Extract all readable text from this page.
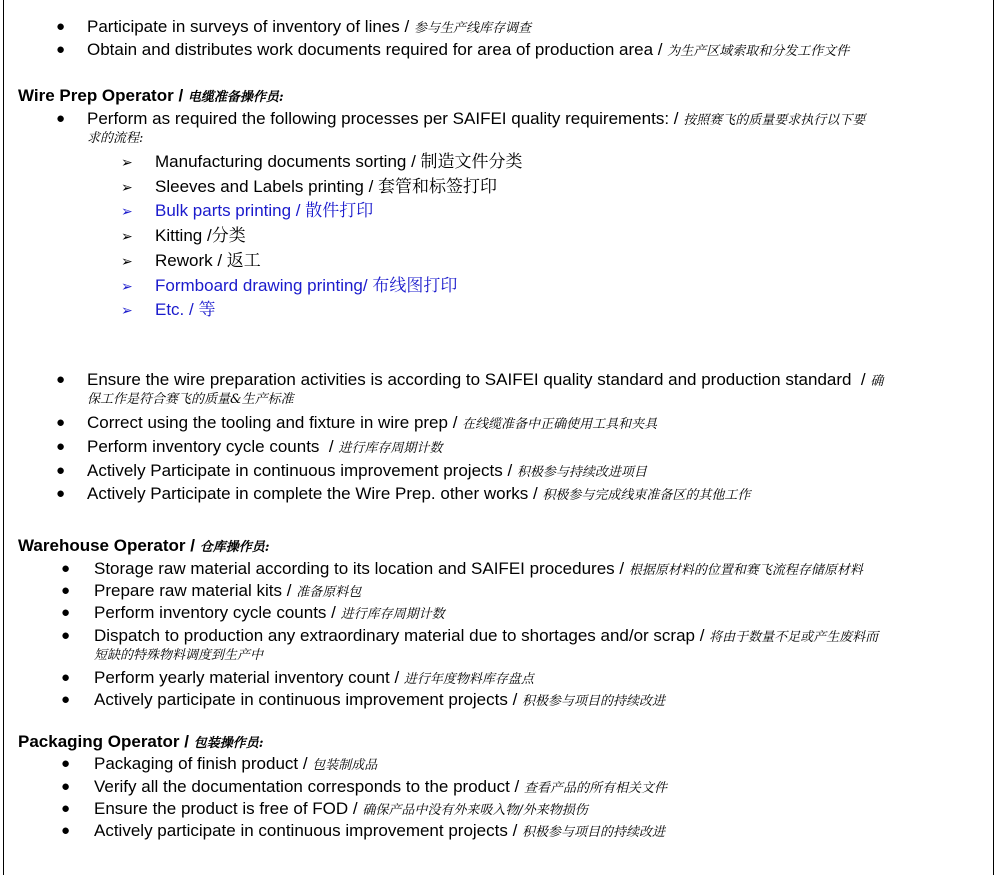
● Participate in surveys of inventory of lines / 参与生产线库存调查
● Obtain and distributes work documents required for area of production area / 为生产区域索取和分发工作文件
Wire Prep Operator / 电缆准备操作员:
● Perform as required the following processes per SAIFEI quality requirements: / 按照赛飞的质量要求执行以下要
求的流程:
➢ Manufacturing documents sorting / 制造文件分类
➢ Sleeves and Labels printing / 套管和标签打印
➢ Bulk parts printing / 散件打印
➢ Kitting /分类
➢ Rework / 返工
➢ Formboard drawing printing/ 布线图打印
➢ Etc. / 等
● Ensure the wire preparation activities is according to SAIFEI quality standard and production standard  / 确
保工作是符合赛飞的质量&生产标准
● Correct using the tooling and fixture in wire prep / 在线缆准备中正确使用工具和夹具
● Perform inventory cycle counts  / 进行库存周期计数
● Actively Participate in continuous improvement projects / 积极参与持续改进项目
● Actively Participate in complete the Wire Prep. other works / 积极参与完成线束准备区的其他工作
Warehouse Operator / 仓库操作员:
● Storage raw material according to its location and SAIFEI procedures / 根据原材料的位置和赛飞流程存储原材料
● Prepare raw material kits / 准备原料包
● Perform inventory cycle counts / 进行库存周期计数
● Dispatch to production any extraordinary material due to shortages and/or scrap / 将由于数量不足或产生废料而
短缺的特殊物料调度到生产中
● Perform yearly material inventory count / 进行年度物料库存盘点
● Actively participate in continuous improvement projects / 积极参与项目的持续改进
Packaging Operator / 包装操作员:
● Packaging of finish product / 包装制成品
● Verify all the documentation corresponds to the product / 查看产品的所有相关文件
● Ensure the product is free of FOD / 确保产品中没有外来吸入物/外来物损伤
● Actively participate in continuous improvement projects / 积极参与项目的持续改进
